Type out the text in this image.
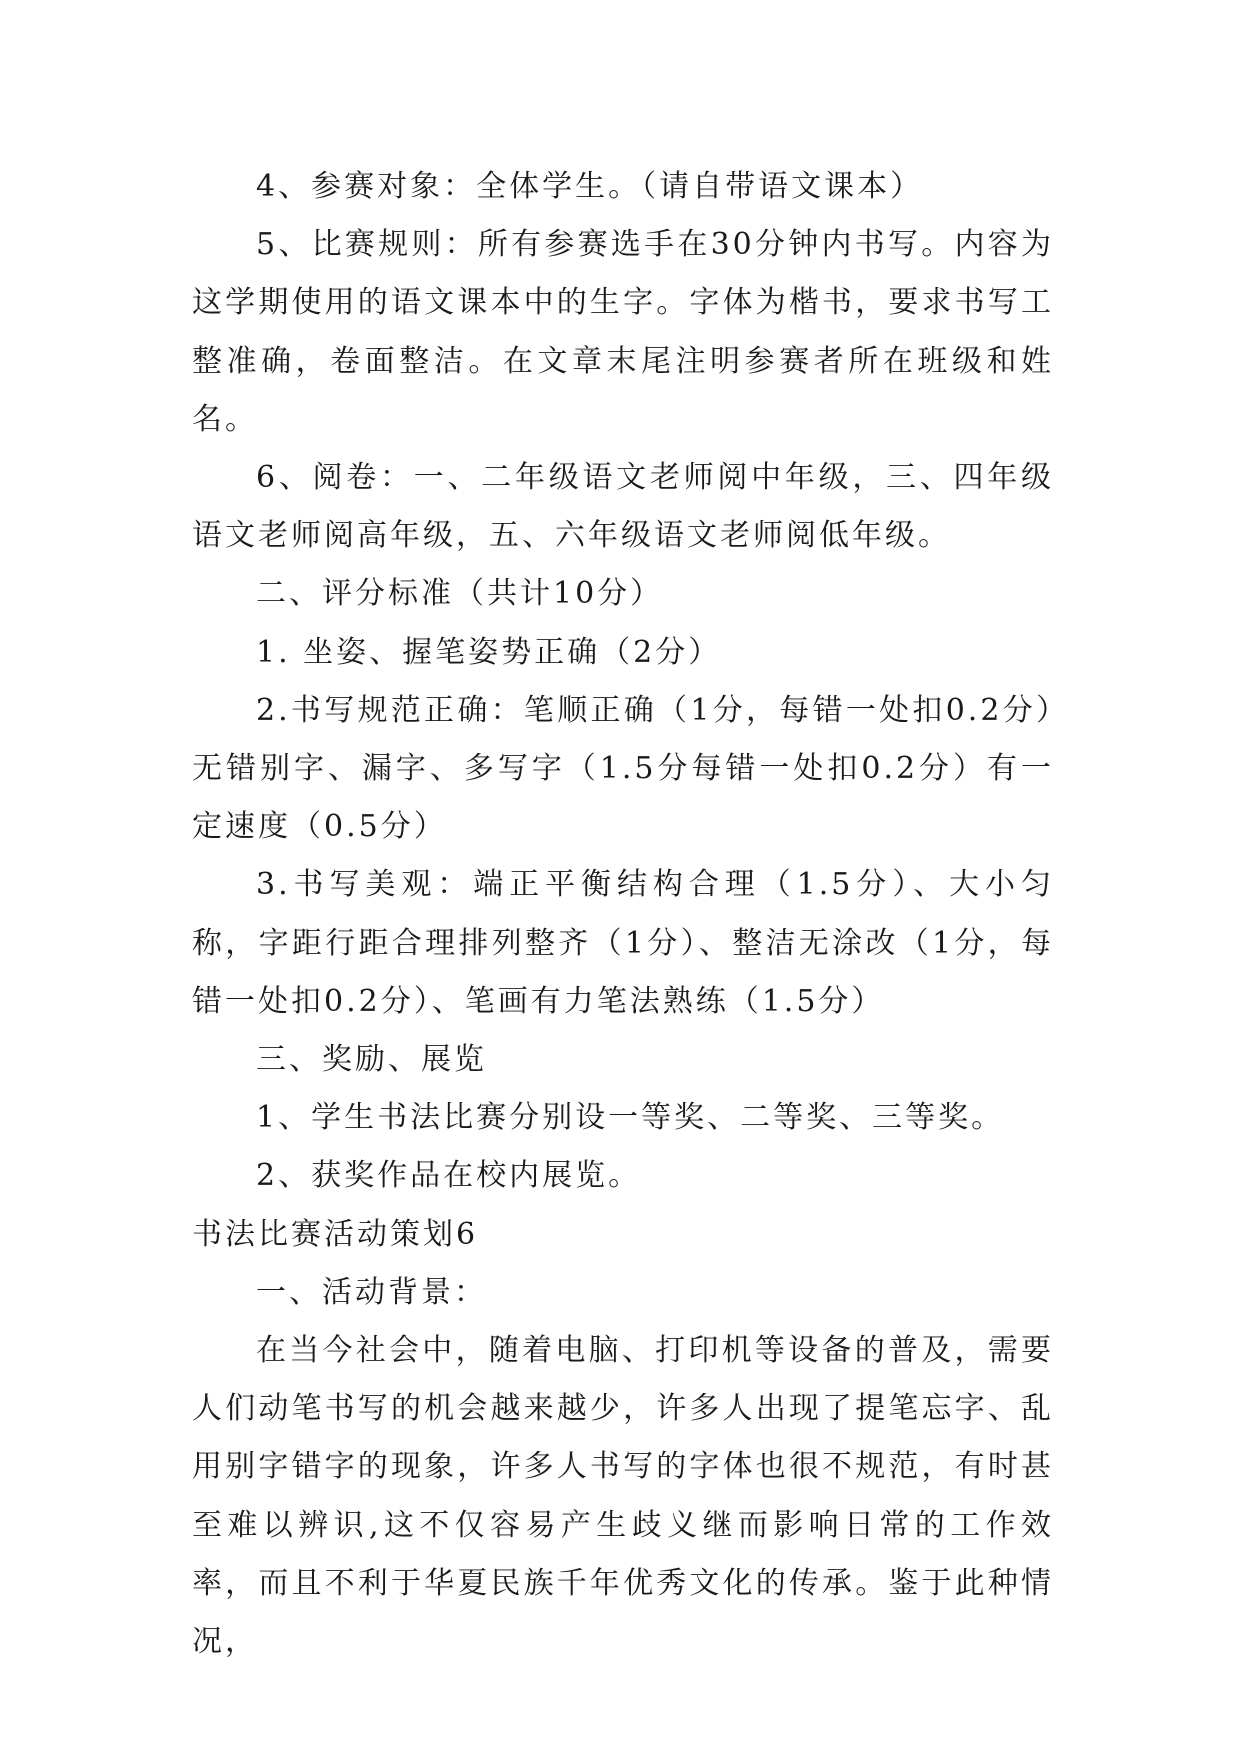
4、参赛对象：全体学生。（请自带语文课本）

5、比赛规则：所有参赛选手在30分钟内书写。内容为这学期使用的语文课本中的生字。字体为楷书，要求书写工整准确，卷面整洁。在文章末尾注明参赛者所在班级和姓名。

6、阅卷：一、二年级语文老师阅中年级，三、四年级语文老师阅高年级，五、六年级语文老师阅低年级。

二、评分标准（共计10分）

1. 坐姿、握笔姿势正确（2分）

2.书写规范正确：笔顺正确（1分，每错一处扣0.2分）无错别字、漏字、多写字（1.5分每错一处扣0.2分）有一定速度（0.5分）

3.书写美观：端正平衡结构合理（1.5分）、大小匀称，字距行距合理排列整齐（1分）、整洁无涂改（1分，每错一处扣0.2分）、笔画有力笔法熟练（1.5分）

三、奖励、展览

1、学生书法比赛分别设一等奖、二等奖、三等奖。

2、获奖作品在校内展览。

书法比赛活动策划6

一、活动背景：

在当今社会中，随着电脑、打印机等设备的普及，需要人们动笔书写的机会越来越少，许多人出现了提笔忘字、乱用别字错字的现象，许多人书写的字体也很不规范，有时甚至难以辨识,这不仅容易产生歧义继而影响日常的工作效率，而且不利于华夏民族千年优秀文化的传承。鉴于此种情况，
